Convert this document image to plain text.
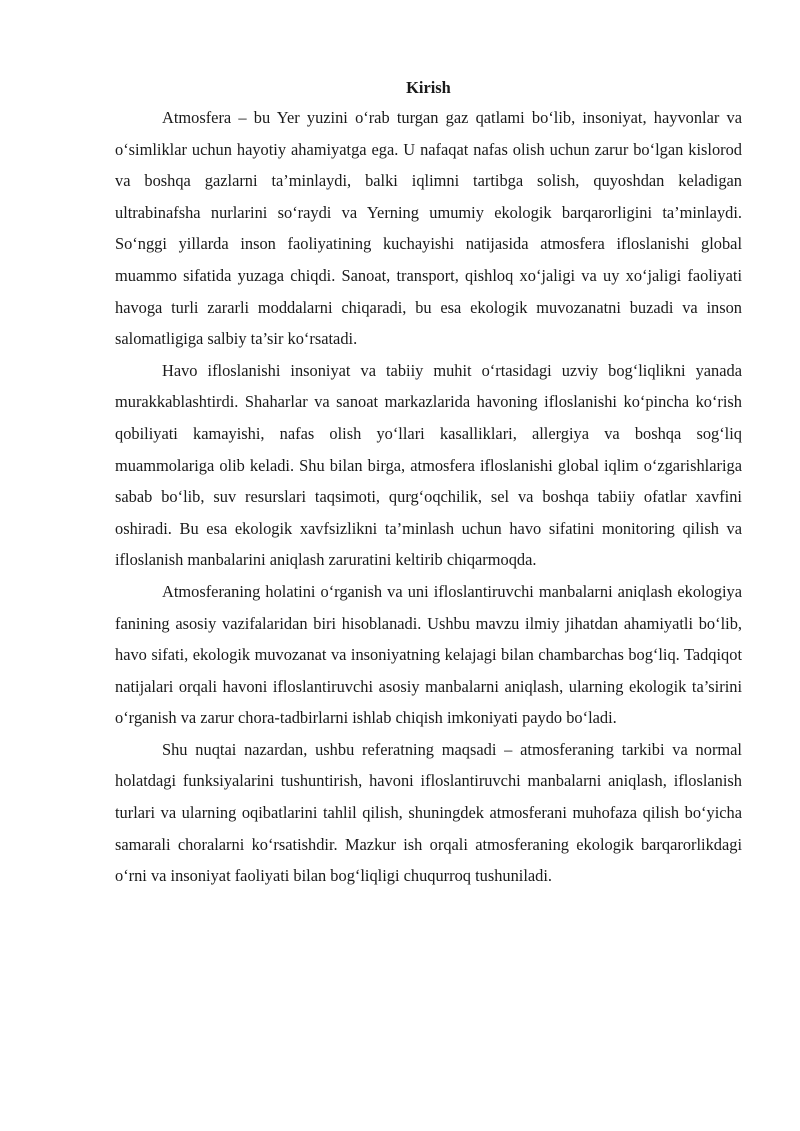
Kirish

Atmosfera – bu Yer yuzini o‘rab turgan gaz qatlami bo‘lib, insoniyat, hayvonlar va o‘simliklar uchun hayotiy ahamiyatga ega. U nafaqat nafas olish uchun zarur bo‘lgan kislorod va boshqa gazlarni ta’minlaydi, balki iqlimni tartibga solish, quyoshdan keladigan ultrabinafsha nurlarini so‘raydi va Yerning umumiy ekologik barqarorligini ta’minlaydi. So‘nggi yillarda inson faoliyatining kuchayishi natijasida atmosfera ifloslanishi global muammo sifatida yuzaga chiqdi. Sanoat, transport, qishloq xo‘jaligi va uy xo‘jaligi faoliyati havoga turli zararli moddalarni chiqaradi, bu esa ekologik muvozanatni buzadi va inson salomatligiga salbiy ta’sir ko‘rsatadi.

Havo ifloslanishi insoniyat va tabiiy muhit o‘rtasidagi uzviy bog‘liqlikni yanada murakkablashtirdi. Shaharlar va sanoat markazlarida havoning ifloslanishi ko‘pincha ko‘rish qobiliyati kamayishi, nafas olish yo‘llari kasalliklari, allergiya va boshqa sog‘liq muammolariga olib keladi. Shu bilan birga, atmosfera ifloslanishi global iqlim o‘zgarishlariga sabab bo‘lib, suv resurslari taqsimoti, qurg‘oqchilik, sel va boshqa tabiiy ofatlar xavfini oshiradi. Bu esa ekologik xavfsizlikni ta’minlash uchun havo sifatini monitoring qilish va ifloslanish manbalarini aniqlash zaruratini keltirib chiqarmoqda.

Atmosferaning holatini o‘rganish va uni ifloslantiruvchi manbalarni aniqlash ekologiya fanining asosiy vazifalaridan biri hisoblanadi. Ushbu mavzu ilmiy jihatdan ahamiyatli bo‘lib, havo sifati, ekologik muvozanat va insoniyatning kelajagi bilan chambarchas bog‘liq. Tadqiqot natijalari orqali havoni ifloslantiruvchi asosiy manbalarni aniqlash, ularning ekologik ta’sirini o‘rganish va zarur chora-tadbirlarni ishlab chiqish imkoniyati paydo bo‘ladi.

Shu nuqtai nazardan, ushbu referatning maqsadi – atmosferaning tarkibi va normal holatdagi funksiyalarini tushuntirish, havoni ifloslantiruvchi manbalarni aniqlash, ifloslanish turlari va ularning oqibatlarini tahlil qilish, shuningdek atmosferani muhofaza qilish bo‘yicha samarali choralarni ko‘rsatishdir. Mazkur ish orqali atmosferaning ekologik barqarorlikdagi o‘rni va insoniyat faoliyati bilan bog‘liqligi chuqurroq tushuniladi.
